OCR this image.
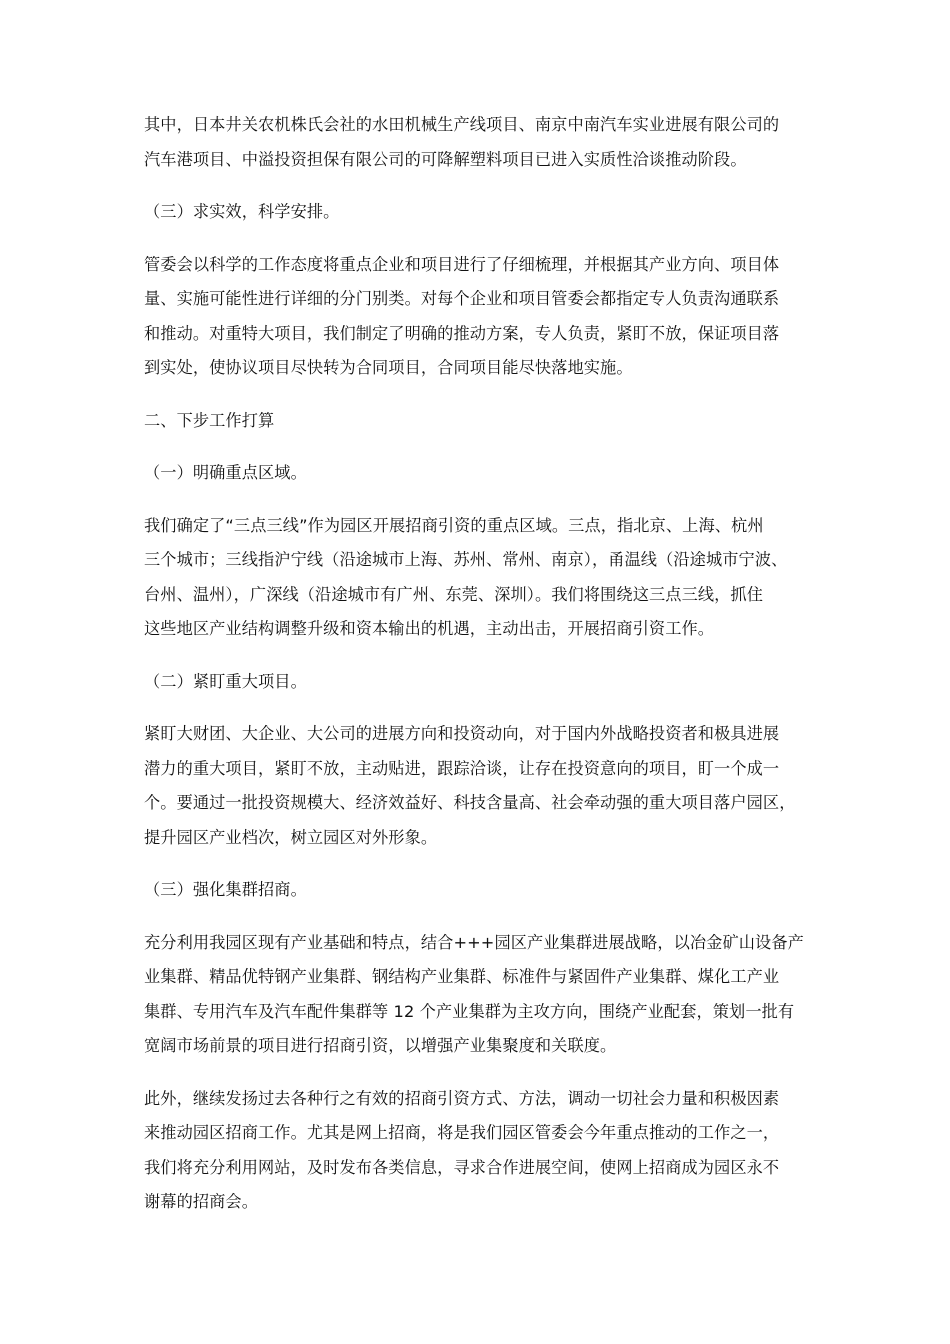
其中，日本井关农机株氏会社的水田机械生产线项目、南京中南汽车实业进展有限公司的
汽车港项目、中溢投资担保有限公司的可降解塑料项目已进入实质性洽谈推动阶段。

（三）求实效，科学安排。

管委会以科学的工作态度将重点企业和项目进行了仔细梳理，并根据其产业方向、项目体
量、实施可能性进行详细的分门别类。对每个企业和项目管委会都指定专人负责沟通联系
和推动。对重特大项目，我们制定了明确的推动方案，专人负责，紧盯不放，保证项目落
到实处，使协议项目尽快转为合同项目，合同项目能尽快落地实施。

二、下步工作打算

（一）明确重点区域。

我们确定了“三点三线”作为园区开展招商引资的重点区域。三点，指北京、上海、杭州
三个城市；三线指沪宁线（沿途城市上海、苏州、常州、南京），甬温线（沿途城市宁波、
台州、温州），广深线（沿途城市有广州、东莞、深圳）。我们将围绕这三点三线，抓住
这些地区产业结构调整升级和资本输出的机遇，主动出击，开展招商引资工作。

（二）紧盯重大项目。

紧盯大财团、大企业、大公司的进展方向和投资动向，对于国内外战略投资者和极具进展
潜力的重大项目，紧盯不放，主动贴进，跟踪洽谈，让存在投资意向的项目，盯一个成一
个。要通过一批投资规模大、经济效益好、科技含量高、社会牵动强的重大项目落户园区，
提升园区产业档次，树立园区对外形象。

（三）强化集群招商。

充分利用我园区现有产业基础和特点，结合+++园区产业集群进展战略，以冶金矿山设备产
业集群、精品优特钢产业集群、钢结构产业集群、标准件与紧固件产业集群、煤化工产业
集群、专用汽车及汽车配件集群等 12 个产业集群为主攻方向，围绕产业配套，策划一批有
宽阔市场前景的项目进行招商引资，以增强产业集聚度和关联度。

此外，继续发扬过去各种行之有效的招商引资方式、方法，调动一切社会力量和积极因素
来推动园区招商工作。尤其是网上招商，将是我们园区管委会今年重点推动的工作之一，
我们将充分利用网站，及时发布各类信息，寻求合作进展空间，使网上招商成为园区永不
谢幕的招商会。
